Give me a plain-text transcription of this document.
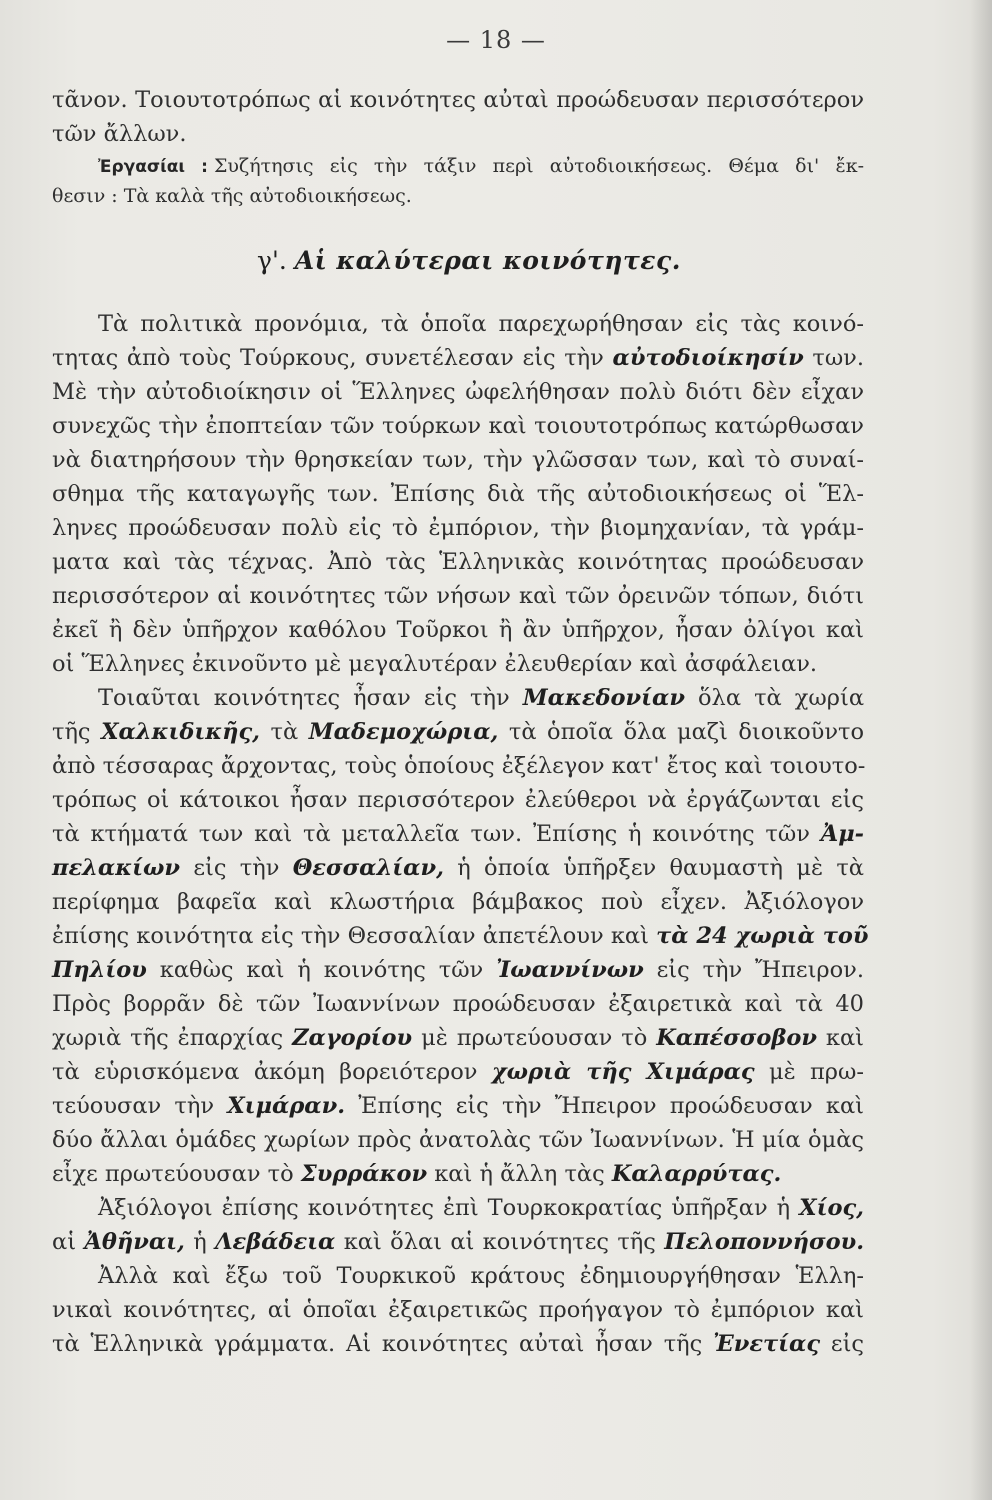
— 18 —
τᾶνον. Τοιουτοτρόπως αἱ κοινότητες αὐταὶ προώδευσαν περισσότερον
τῶν ἄλλων.
Ἐργασίαι : Συζήτησις εἰς τὴν τάξιν περὶ αὐτοδιοικήσεως. Θέμα δι' ἔκ-
θεσιν : Τὰ καλὰ τῆς αὐτοδιοικήσεως.
γ'. Αἱ καλύτεραι κοινότητες.
Τὰ πολιτικὰ προνόμια, τὰ ὁποῖα παρεχωρήθησαν εἰς τὰς κοινό-
τητας ἀπὸ τοὺς Τούρκους, συνετέλεσαν εἰς τὴν αὐτοδιοίκησίν των.
Μὲ τὴν αὐτοδιοίκησιν οἱ Ἕλληνες ὠφελήθησαν πολὺ διότι δὲν εἶχαν
συνεχῶς τὴν ἐποπτείαν τῶν τούρκων καὶ τοιουτοτρόπως κατώρθωσαν
νὰ διατηρήσουν τὴν θρησκείαν των, τὴν γλῶσσαν των, καὶ τὸ συναί-
σθημα τῆς καταγωγῆς των. Ἐπίσης διὰ τῆς αὐτοδιοικήσεως οἱ Ἕλ-
ληνες προώδευσαν πολὺ εἰς τὸ ἐμπόριον, τὴν βιομηχανίαν, τὰ γράμ-
ματα καὶ τὰς τέχνας. Ἀπὸ τὰς Ἑλληνικὰς κοινότητας προώδευσαν
περισσότερον αἱ κοινότητες τῶν νήσων καὶ τῶν ὀρεινῶν τόπων, διότι
ἐκεῖ ἢ δὲν ὑπῆρχον καθόλου Τοῦρκοι ἢ ἂν ὑπῆρχον, ἦσαν ὀλίγοι καὶ
οἱ Ἕλληνες ἐκινοῦντο μὲ μεγαλυτέραν ἐλευθερίαν καὶ ἀσφάλειαν.
Τοιαῦται κοινότητες ἦσαν εἰς τὴν Μακεδονίαν ὅλα τὰ χωρία
τῆς Χαλκιδικῆς, τὰ Μαδεμοχώρια, τὰ ὁποῖα ὅλα μαζὶ διοικοῦντο
ἀπὸ τέσσαρας ἄρχοντας, τοὺς ὁποίους ἐξέλεγον κατ' ἔτος καὶ τοιουτο-
τρόπως οἱ κάτοικοι ἦσαν περισσότερον ἐλεύθεροι νὰ ἐργάζωνται εἰς
τὰ κτήματά των καὶ τὰ μεταλλεῖα των. Ἐπίσης ἡ κοινότης τῶν Ἀμ-
πελακίων εἰς τὴν Θεσσαλίαν, ἡ ὁποία ὑπῆρξεν θαυμαστὴ μὲ τὰ
περίφημα βαφεῖα καὶ κλωστήρια βάμβακος ποὺ εἶχεν. Ἀξιόλογον
ἐπίσης κοινότητα εἰς τὴν Θεσσαλίαν ἀπετέλουν καὶ τὰ 24 χωριὰ τοῦ
Πηλίου καθὼς καὶ ἡ κοινότης τῶν Ἰωαννίνων εἰς τὴν Ἤπειρον.
Πρὸς βορρᾶν δὲ τῶν Ἰωαννίνων προώδευσαν ἐξαιρετικὰ καὶ τὰ 40
χωριὰ τῆς ἐπαρχίας Ζαγορίου μὲ πρωτεύουσαν τὸ Καπέσσοβον καὶ
τὰ εὑρισκόμενα ἀκόμη βορειότερον χωριὰ τῆς Χιμάρας μὲ πρω-
τεύουσαν τὴν Χιμάραν. Ἐπίσης εἰς τὴν Ἤπειρον προώδευσαν καὶ
δύο ἄλλαι ὁμάδες χωρίων πρὸς ἀνατολὰς τῶν Ἰωαννίνων. Ἡ μία ὁμὰς
εἶχε πρωτεύουσαν τὸ Συρράκον καὶ ἡ ἄλλη τὰς Καλαρρύτας.
Ἀξιόλογοι ἐπίσης κοινότητες ἐπὶ Τουρκοκρατίας ὑπῆρξαν ἡ Χίος,
αἱ Ἀθῆναι, ἡ Λεβάδεια καὶ ὅλαι αἱ κοινότητες τῆς Πελοποννήσου.
Ἀλλὰ καὶ ἔξω τοῦ Τουρκικοῦ κράτους ἐδημιουργήθησαν Ἑλλη-
νικαὶ κοινότητες, αἱ ὁποῖαι ἐξαιρετικῶς προήγαγον τὸ ἐμπόριον καὶ
τὰ Ἑλληνικὰ γράμματα. Αἱ κοινότητες αὐταὶ ἦσαν τῆς Ἐνετίας εἰς
